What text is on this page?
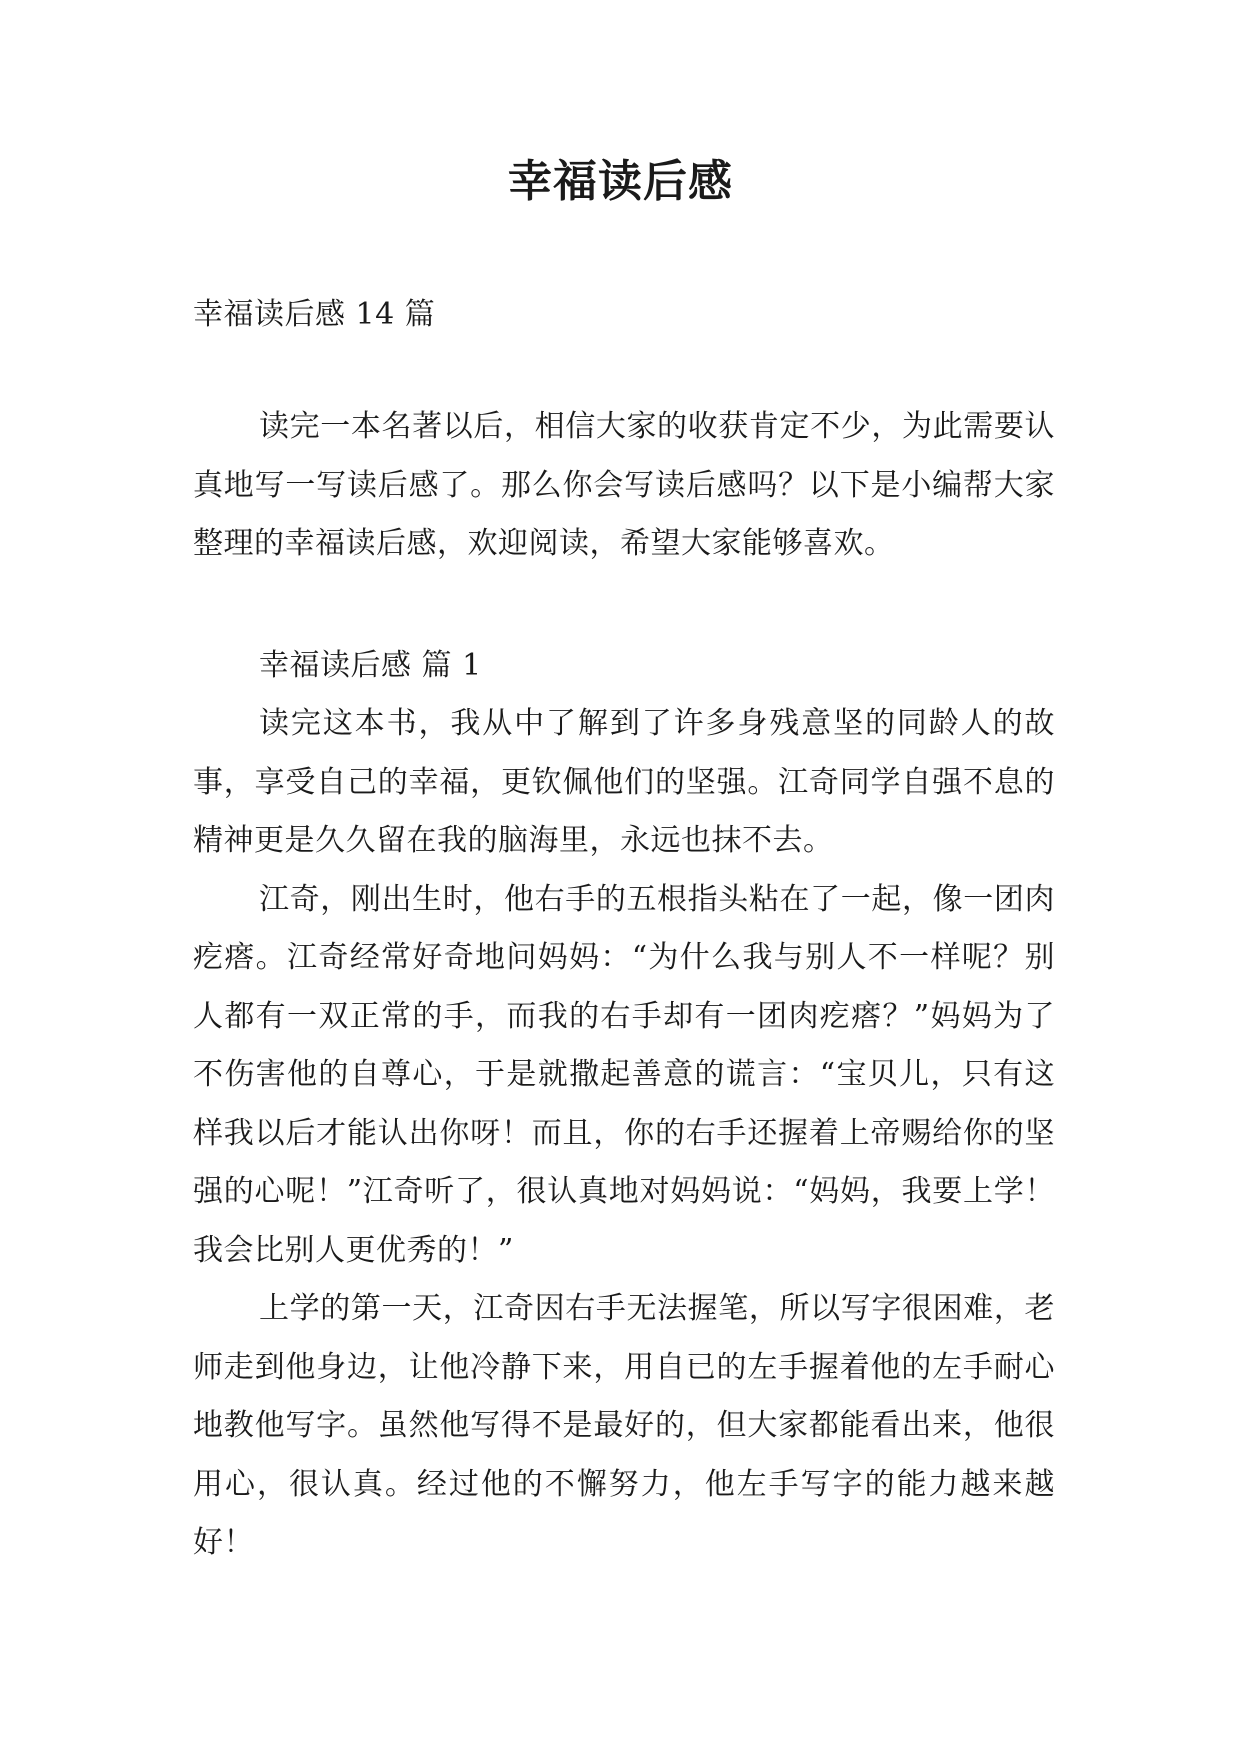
幸福读后感

幸福读后感 14 篇

读完一本名著以后，相信大家的收获肯定不少，为此需要认真地写一写读后感了。那么你会写读后感吗？以下是小编帮大家整理的幸福读后感，欢迎阅读，希望大家能够喜欢。

幸福读后感 篇 1

读完这本书，我从中了解到了许多身残意坚的同龄人的故事，享受自己的幸福，更钦佩他们的坚强。江奇同学自强不息的精神更是久久留在我的脑海里，永远也抹不去。

江奇，刚出生时，他右手的五根指头粘在了一起，像一团肉疙瘩。江奇经常好奇地问妈妈：“为什么我与别人不一样呢？别人都有一双正常的手，而我的右手却有一团肉疙瘩？”妈妈为了不伤害他的自尊心，于是就撒起善意的谎言：“宝贝儿，只有这样我以后才能认出你呀！而且，你的右手还握着上帝赐给你的坚强的心呢！”江奇听了，很认真地对妈妈说：“妈妈，我要上学！我会比别人更优秀的！”

上学的第一天，江奇因右手无法握笔，所以写字很困难，老师走到他身边，让他冷静下来，用自已的左手握着他的左手耐心地教他写字。虽然他写得不是最好的，但大家都能看出来，他很用心，很认真。经过他的不懈努力，他左手写字的能力越来越好！
